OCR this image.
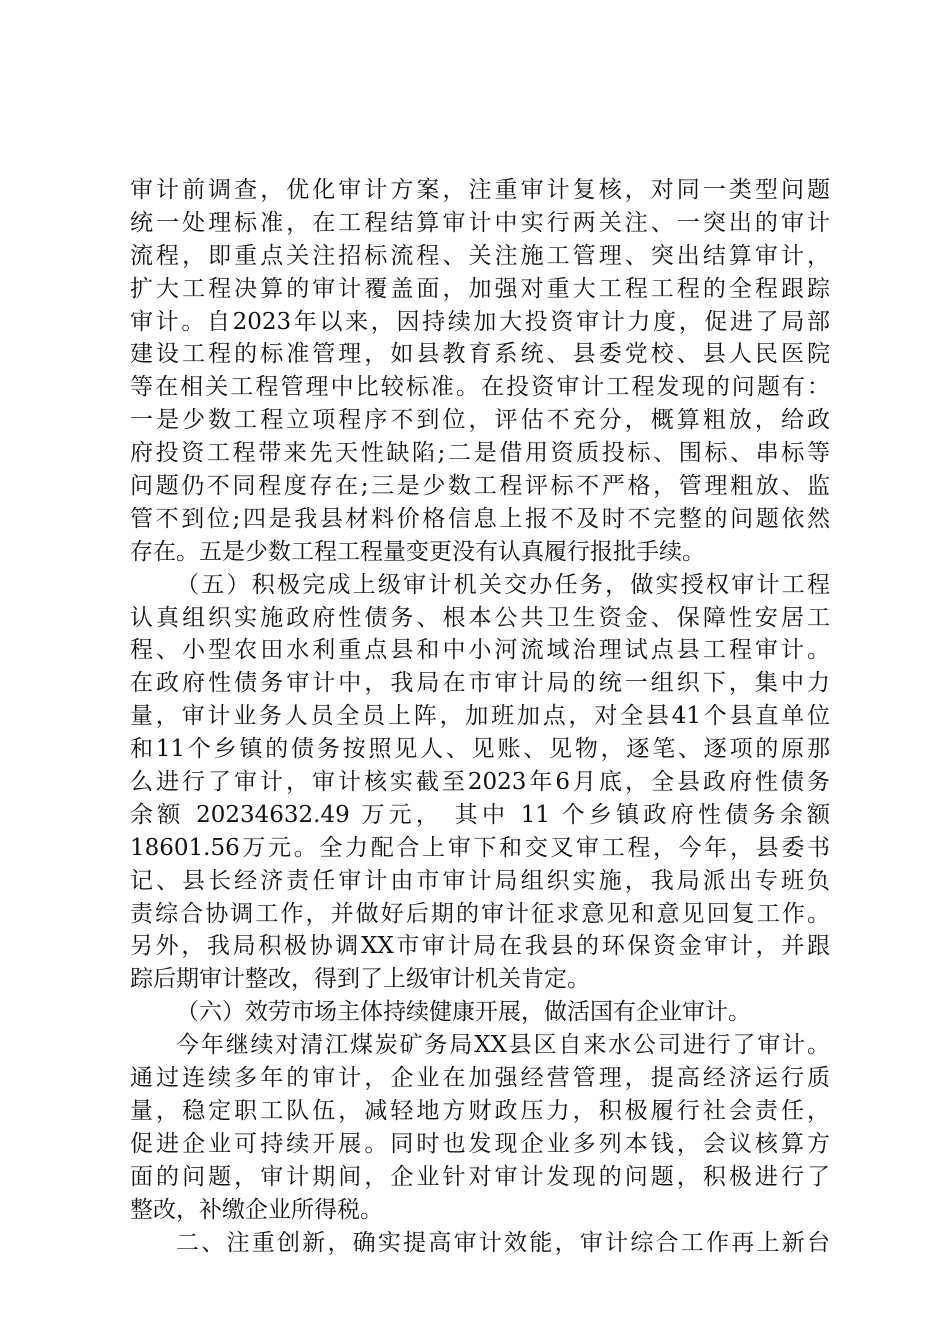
审计前调查，优化审计方案，注重审计复核，对同一类型问题
统一处理标准，在工程结算审计中实行两关注、一突出的审计
流程，即重点关注招标流程、关注施工管理、突出结算审计，
扩大工程决算的审计覆盖面，加强对重大工程工程的全程跟踪
审计。自2023年以来，因持续加大投资审计力度，促进了局部
建设工程的标准管理，如县教育系统、县委党校、县人民医院
等在相关工程管理中比较标准。在投资审计工程发现的问题有：
一是少数工程立项程序不到位，评估不充分，概算粗放，给政
府投资工程带来先天性缺陷;二是借用资质投标、围标、串标等
问题仍不同程度存在;三是少数工程评标不严格，管理粗放、监
管不到位;四是我县材料价格信息上报不及时不完整的问题依然
存在。五是少数工程工程量变更没有认真履行报批手续。
（五）积极完成上级审计机关交办任务，做实授权审计工程
认真组织实施政府性债务、根本公共卫生资金、保障性安居工
程、小型农田水利重点县和中小河流域治理试点县工程审计。
在政府性债务审计中，我局在市审计局的统一组织下，集中力
量，审计业务人员全员上阵，加班加点，对全县41个县直单位
和11个乡镇的债务按照见人、见账、见物，逐笔、逐项的原那
么进行了审计，审计核实截至2023年6月底，全县政府性债务
余额 20234632.49 万元， 其中 11 个乡镇政府性债务余额
18601.56万元。全力配合上审下和交叉审工程，今年，县委书
记、县长经济责任审计由市审计局组织实施，我局派出专班负
责综合协调工作，并做好后期的审计征求意见和意见回复工作。
另外，我局积极协调XX市审计局在我县的环保资金审计，并跟
踪后期审计整改，得到了上级审计机关肯定。
（六）效劳市场主体持续健康开展，做活国有企业审计。
今年继续对清江煤炭矿务局XX县区自来水公司进行了审计。
通过连续多年的审计，企业在加强经营管理，提高经济运行质
量，稳定职工队伍，减轻地方财政压力，积极履行社会责任，
促进企业可持续开展。同时也发现企业多列本钱，会议核算方
面的问题，审计期间，企业针对审计发现的问题，积极进行了
整改，补缴企业所得税。
二、注重创新，确实提高审计效能，审计综合工作再上新台
